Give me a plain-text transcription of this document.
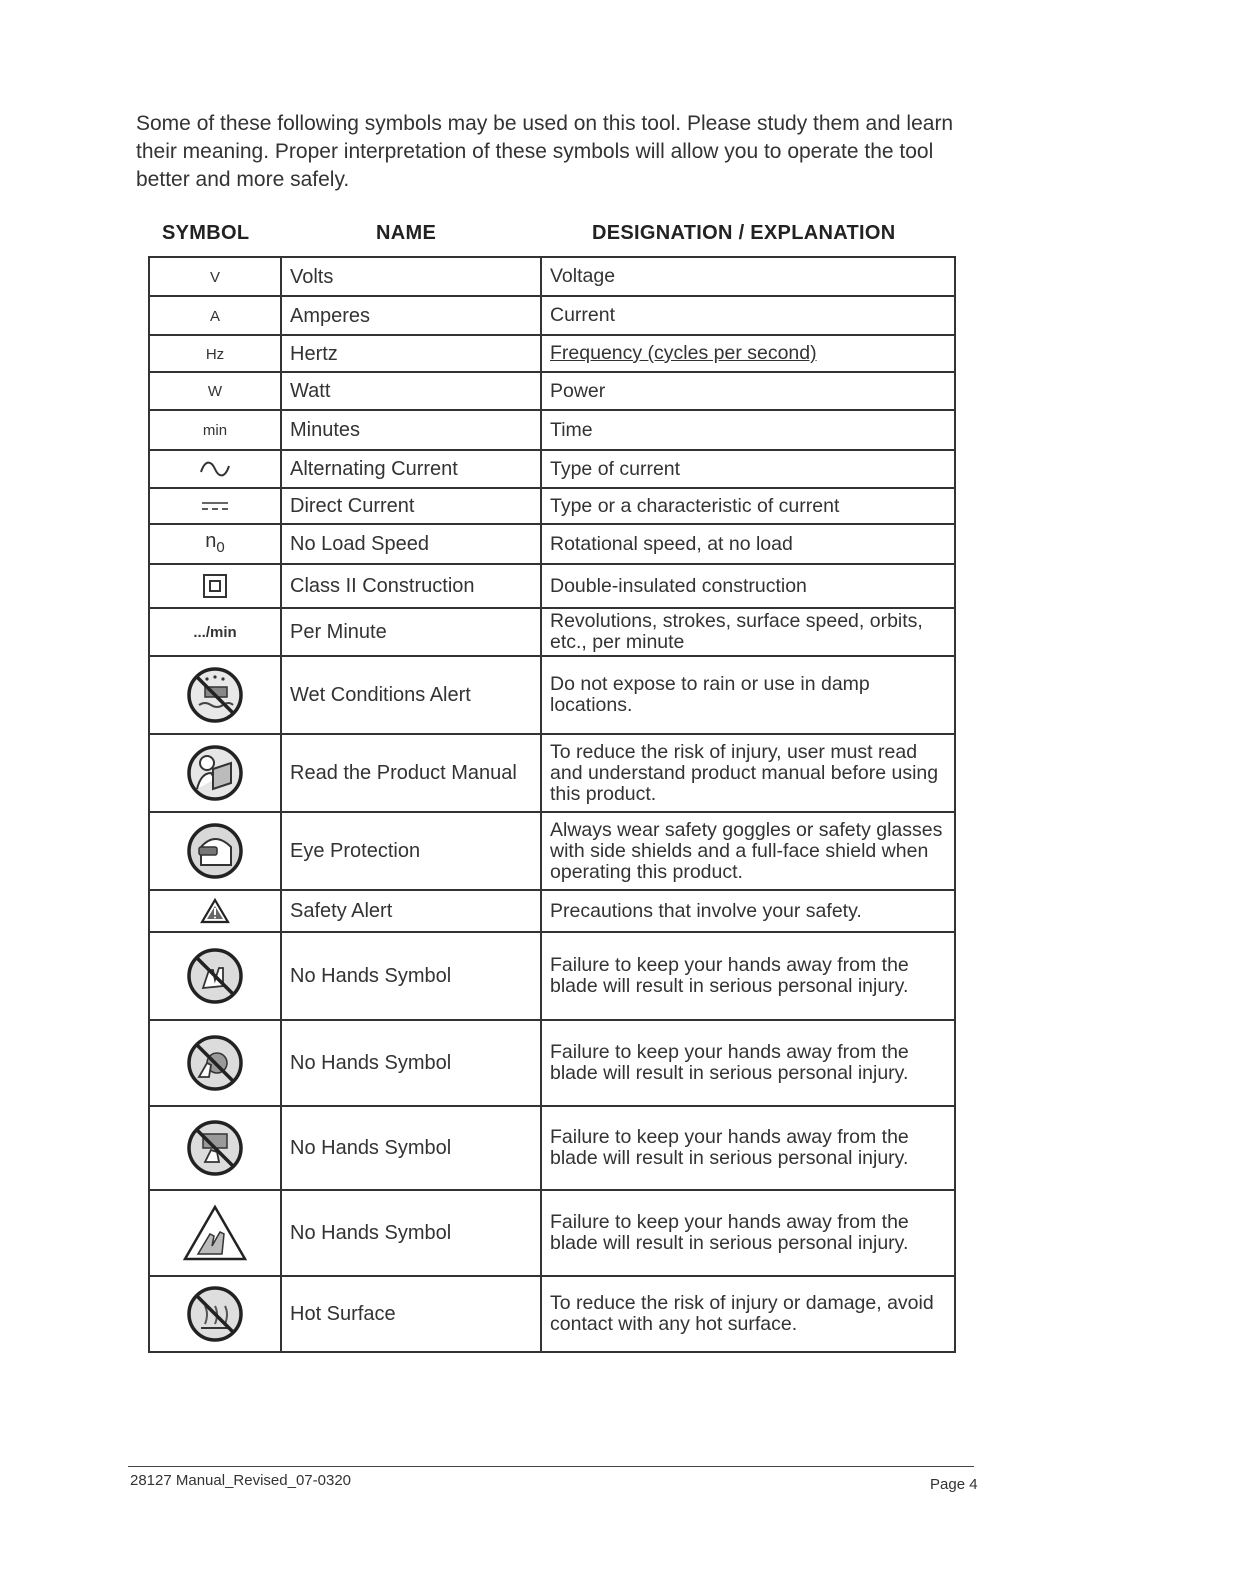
Some of these following symbols may be used on this tool. Please study them and learn their meaning. Proper interpretation of these symbols will allow you to operate the tool better and more safely.
SYMBOL	NAME	DESIGNATION / EXPLANATION
V	Volts	Voltage
A	Amperes	Current
Hz	Hertz	Frequency (cycles per second)
W	Watt	Power
min	Minutes	Time

	Alternating Current	Type of current

	Direct Current	Type or a characteristic of current
$n_0$	No Load Speed	Rotational speed, at no load

	Class II Construction	Double-insulated construction
.../min	Per Minute	Revolutions, strokes, surface speed, orbits, etc., per minute

	Wet Conditions Alert	Do not expose to rain or use in damp locations.

	Read the Product Manual	To reduce the risk of injury, user must read and understand product manual before using this product.

	Eye Protection	Always wear safety goggles or safety glasses with side shields and a full-face shield when operating this product.

	Safety Alert	Precautions that involve your safety.

	No Hands Symbol	Failure to keep your hands away from the blade will result in serious personal injury.

	No Hands Symbol	Failure to keep your hands away from the blade will result in serious personal injury.

	No Hands Symbol	Failure to keep your hands away from the blade will result in serious personal injury.

	No Hands Symbol	Failure to keep your hands away from the blade will result in serious personal injury.

	Hot Surface	To reduce the risk of injury or damage, avoid contact with any hot surface.
28127 Manual_Revised_07-0320	Page 4
